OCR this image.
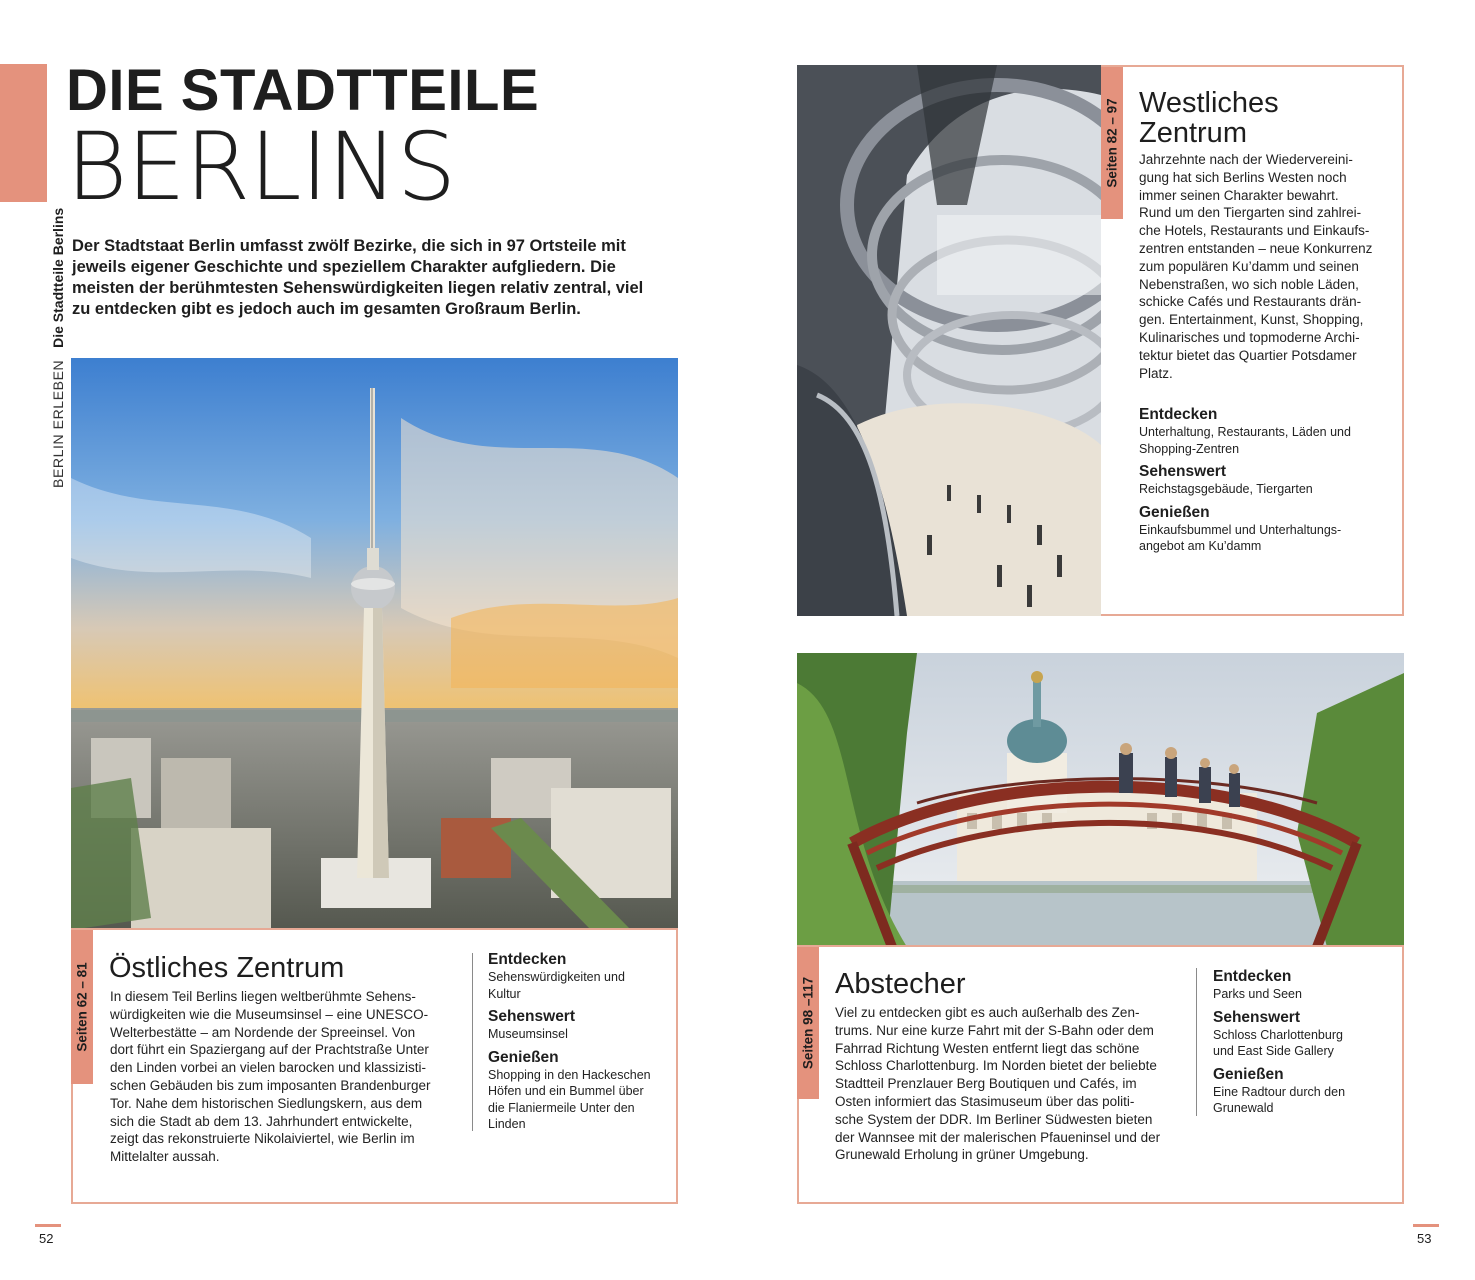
BERLIN ERLEBEN Die Stadtteile Berlins
DIE STADTTEILE
BERLINS
Der Stadtstaat Berlin umfasst zwölf Bezirke, die sich in 97 Ortsteile mit jeweils eigener Geschichte und speziellem Charakter aufgliedern. Die meisten der berühmtesten Sehenswürdigkeiten liegen relativ zentral, viel zu entdecken gibt es jedoch auch im gesamten Großraum Berlin.
Seiten 62 – 81 Östliches Zentrum
In diesem Teil Berlins liegen weltberühmte Sehens-
würdigkeiten wie die Museumsinsel – eine UNESCO-
Welterbestätte – am Nordende der Spreeinsel. Von
dort führt ein Spaziergang auf der Prachtstraße Unter
den Linden vorbei an vielen barocken und klassizisti-
schen Gebäuden bis zum imposanten Brandenburger
Tor. Nahe dem historischen Siedlungskern, aus dem
sich die Stadt ab dem 13. Jahrhundert entwickelte,
zeigt das rekonstruierte Nikolaiviertel, wie Berlin im
Mittelalter aussah.
Entdecken
Sehenswürdigkeiten und
Kultur
Sehenswert
Museumsinsel
Genießen
Shopping in den Hackeschen
Höfen und ein Bummel über
die Flaniermeile Unter den
Linden
52
Seiten 82 – 97 Westliches
Zentrum
Jahrzehnte nach der Wiedervereini-
gung hat sich Berlins Westen noch
immer seinen Charakter bewahrt.
Rund um den Tiergarten sind zahlrei-
che Hotels, Restaurants und Einkaufs-
zentren entstanden – neue Konkurrenz
zum populären Ku’damm und seinen
Nebenstraßen, wo sich noble Läden,
schicke Cafés und Restaurants drän-
gen. Entertainment, Kunst, Shopping,
Kulinarisches und topmoderne Archi-
tektur bietet das Quartier Potsdamer
Platz.
Entdecken
Unterhaltung, Restaurants, Läden und
Shopping-Zentren
Sehenswert
Reichstagsgebäude, Tiergarten
Genießen
Einkaufsbummel und Unterhaltungs-
angebot am Ku’damm
Seiten 98 –117 Abstecher
Viel zu entdecken gibt es auch außerhalb des Zen-
trums. Nur eine kurze Fahrt mit der S-Bahn oder dem
Fahrrad Richtung Westen entfernt liegt das schöne
Schloss Charlottenburg. Im Norden bietet der beliebte
Stadtteil Prenzlauer Berg Boutiquen und Cafés, im
Osten informiert das Stasimuseum über das politi-
sche System der DDR. Im Berliner Südwesten bieten
der Wannsee mit der malerischen Pfaueninsel und der
Grunewald Erholung in grüner Umgebung.
Entdecken
Parks und Seen
Sehenswert
Schloss Charlottenburg
und East Side Gallery
Genießen
Eine Radtour durch den
Grunewald
53
